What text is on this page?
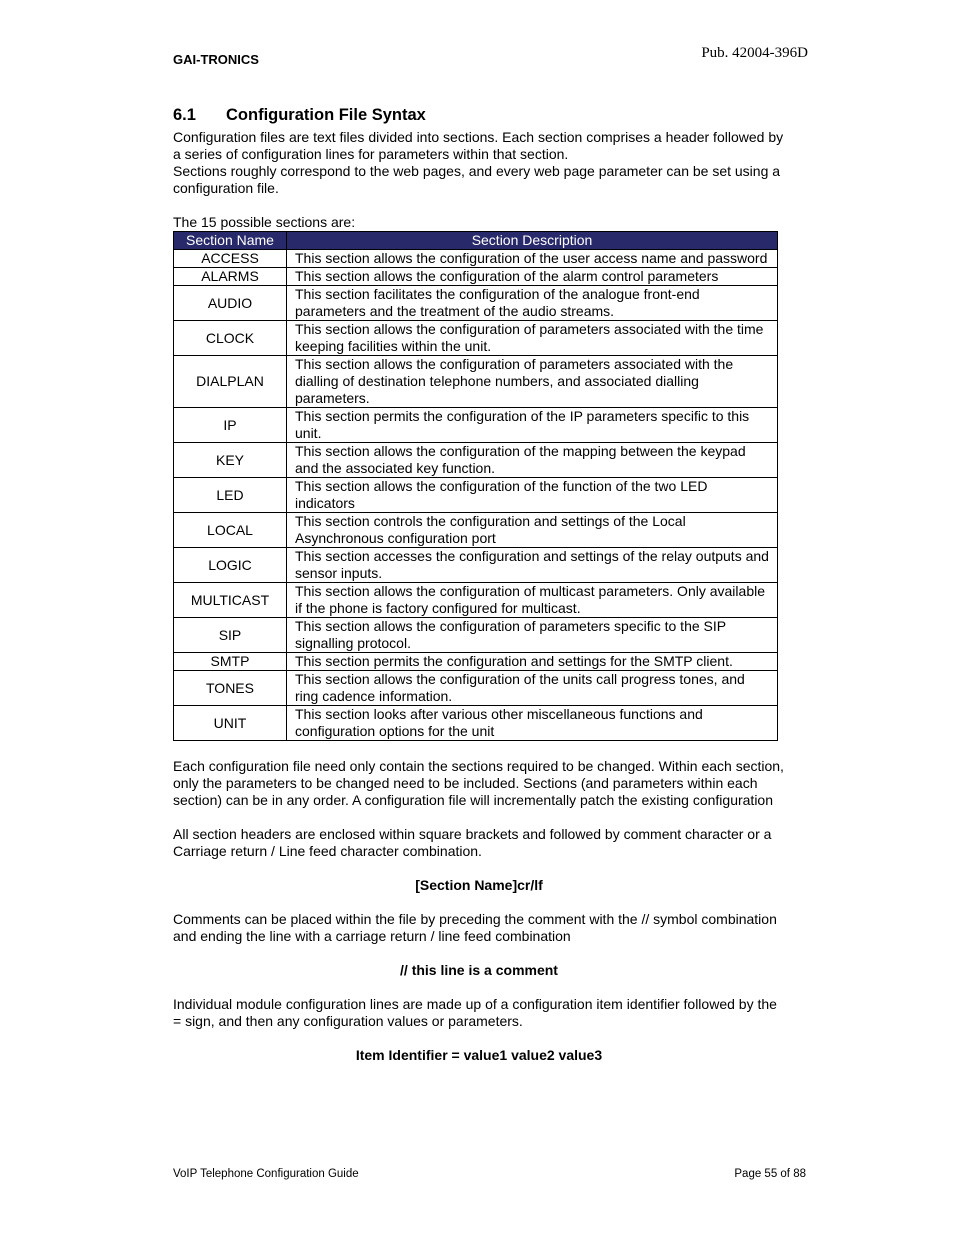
GAI-TRONICS	Pub. 42004-396D
6.1 Configuration File Syntax

Configuration files are text files divided into sections. Each section comprises a header followed by a series of configuration lines for parameters within that section.

Sections roughly correspond to the web pages, and every web page parameter can be set using a configuration file.

The 15 possible sections are:

Section Name	Section Description
ACCESS	This section allows the configuration of the user access name and password
ALARMS	This section allows the configuration of the alarm control parameters
AUDIO	This section facilitates the configuration of the analogue front-end parameters and the treatment of the audio streams.
CLOCK	This section allows the configuration of parameters associated with the time keeping facilities within the unit.
DIALPLAN	This section allows the configuration of parameters associated with the dialling of destination telephone numbers, and associated dialling parameters.
IP	This section permits the configuration of the IP parameters specific to this unit.
KEY	This section allows the configuration of the mapping between the keypad and the associated key function.
LED	This section allows the configuration of the function of the two LED indicators
LOCAL	This section controls the configuration and settings of the Local Asynchronous configuration port
LOGIC	This section accesses the configuration and settings of the relay outputs and sensor inputs.
MULTICAST	This section allows the configuration of multicast parameters. Only available if the phone is factory configured for multicast.
SIP	This section allows the configuration of parameters specific to the SIP signalling protocol.
SMTP	This section permits the configuration and settings for the SMTP client.
TONES	This section allows the configuration of the units call progress tones, and ring cadence information.
UNIT	This section looks after various other miscellaneous functions and configuration options for the unit

Each configuration file need only contain the sections required to be changed. Within each section, only the parameters to be changed need to be included. Sections (and parameters within each section) can be in any order. A configuration file will incrementally patch the existing configuration

All section headers are enclosed within square brackets and followed by comment character or a Carriage return / Line feed character combination.

[Section Name]cr/lf

Comments can be placed within the file by preceding the comment with the // symbol combination and ending the line with a carriage return / line feed combination

// this line is a comment

Individual module configuration lines are made up of a configuration item identifier followed by the = sign, and then any configuration values or parameters.

Item Identifier = value1 value2 value3

VoIP Telephone Configuration Guide	Page 55 of 88
